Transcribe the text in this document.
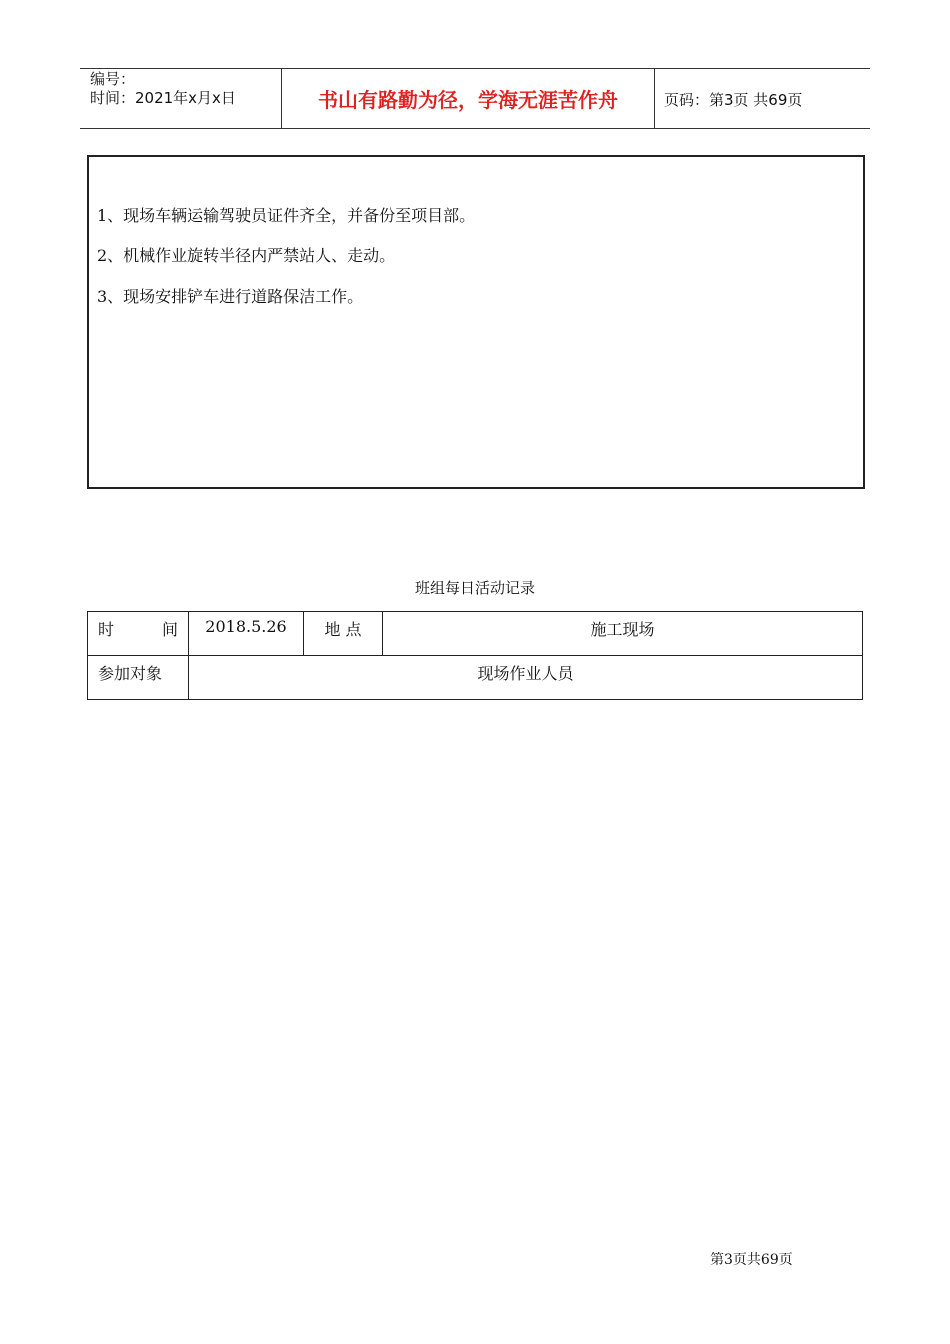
编号：
时间：2021年x月x日	书山有路勤为径，学海无涯苦作舟	页码：第3页 共69页
1、现场车辆运输驾驶员证件齐全，并备份至项目部。
2、机械作业旋转半径内严禁站人、走动。
3、现场安排铲车进行道路保洁工作。
班组每日活动记录
时 间	2018.5.26	地 点	施工现场

参加对象	现场作业人员		
第3页共69页
